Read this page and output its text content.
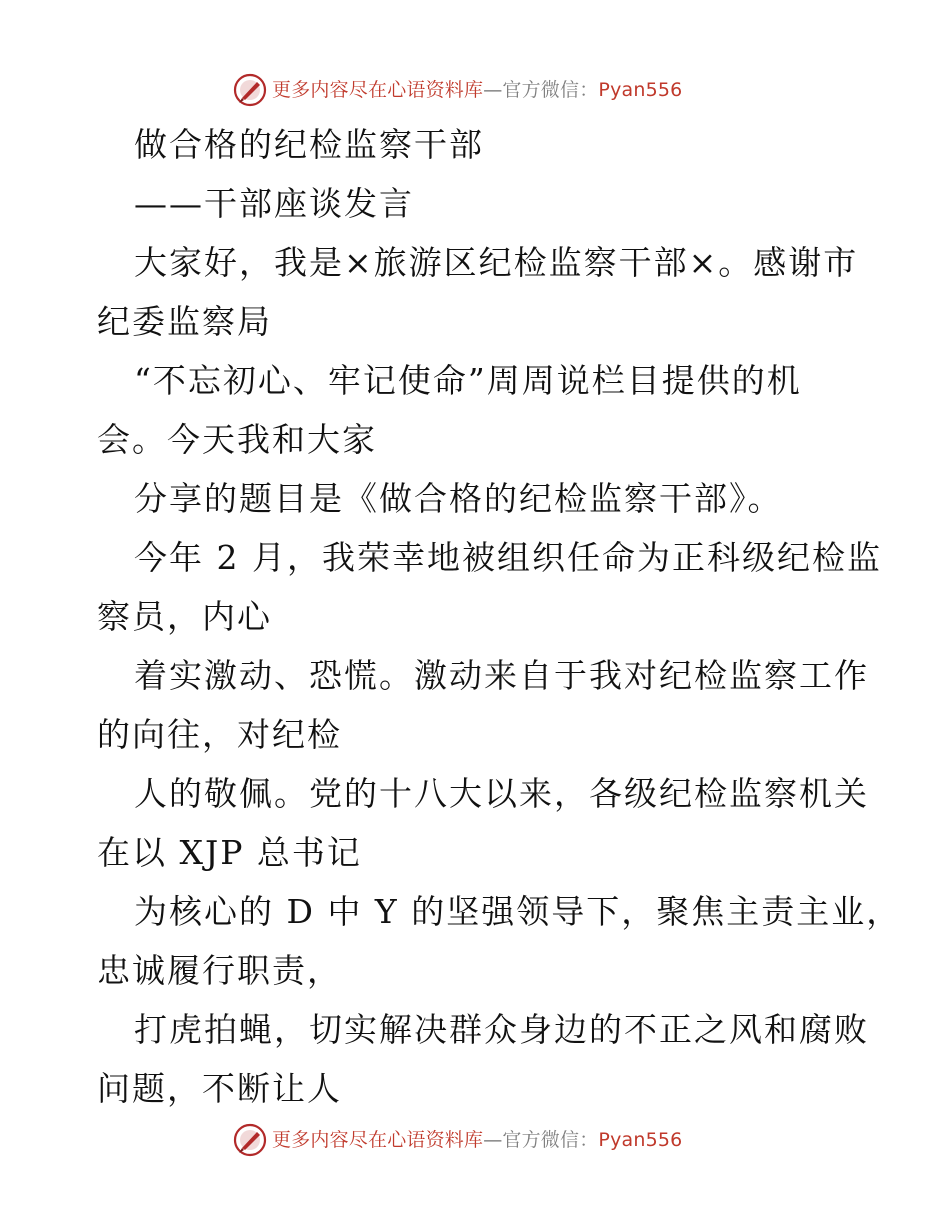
更多内容尽在心语资料库—官方微信：Pyan556
做合格的纪检监察干部
——干部座谈发言
大家好，我是×旅游区纪检监察干部×。感谢市
纪委监察局
“不忘初心、牢记使命”周周说栏目提供的机
会。今天我和大家
分享的题目是《做合格的纪检监察干部》。
今年 2 月，我荣幸地被组织任命为正科级纪检监
察员，内心
着实激动、恐慌。激动来自于我对纪检监察工作
的向往，对纪检
人的敬佩。党的十八大以来，各级纪检监察机关
在以 XJP 总书记
为核心的 D 中 Y 的坚强领导下，聚焦主责主业，
忠诚履行职责，
打虎拍蝇，切实解决群众身边的不正之风和腐败
问题，不断让人
更多内容尽在心语资料库—官方微信：Pyan556
